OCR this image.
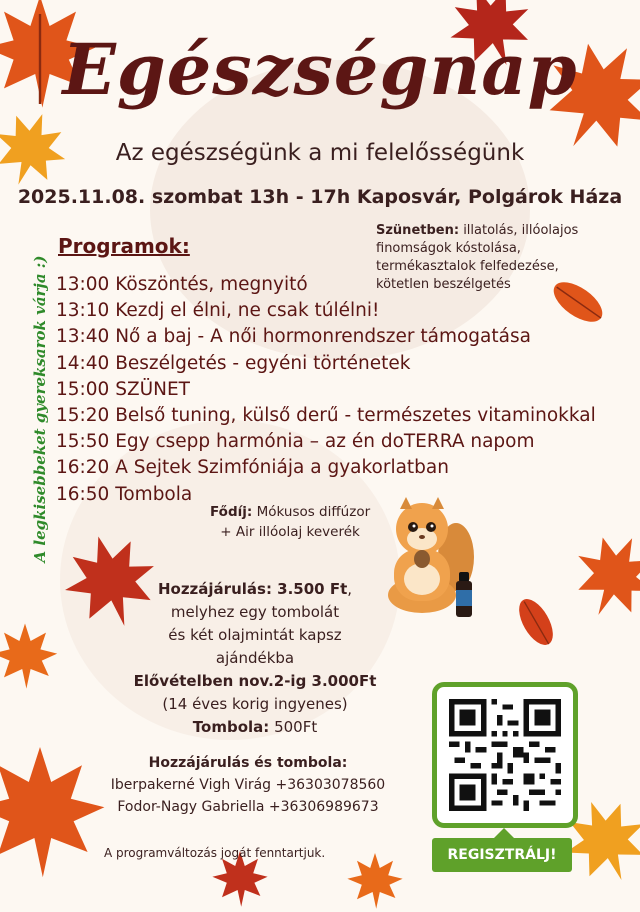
Egészségnap
Az egészségünk a mi felelősségünk
2025.11.08. szombat 13h - 17h Kaposvár, Polgárok Háza
A legkisebbeket gyereksarok várja :)
Programok:
Szünetben: illatolás, illóolajos
finomságok kóstolása,
termékasztalok felfedezése,
kötetlen beszélgetés
13:00 Köszöntés, megnyitó
13:10 Kezdj el élni, ne csak túlélni!
13:40 Nő a baj - A női hormonrendszer támogatása
14:40 Beszélgetés - egyéni történetek
15:00 SZÜNET
15:20 Belső tuning, külső derű - természetes vitaminokkal
15:50 Egy csepp harmónia – az én doTERRA napom
16:20 A Sejtek Szimfóniája a gyakorlatban
16:50 Tombola
Fődíj: Mókusos diffúzor
+ Air illóolaj keverék
Hozzájárulás: 3.500 Ft,
melyhez egy tombolát
és két olajmintát kapsz
ajándékba
Elővételben nov.2-ig 3.000Ft
(14 éves korig ingyenes)
Tombola: 500Ft
Hozzájárulás és tombola:
Iberpakerné Vigh Virág +36303078560
Fodor-Nagy Gabriella +36306989673
A programváltozás jogát fenntartjuk.	REGISZTRÁLJ!
